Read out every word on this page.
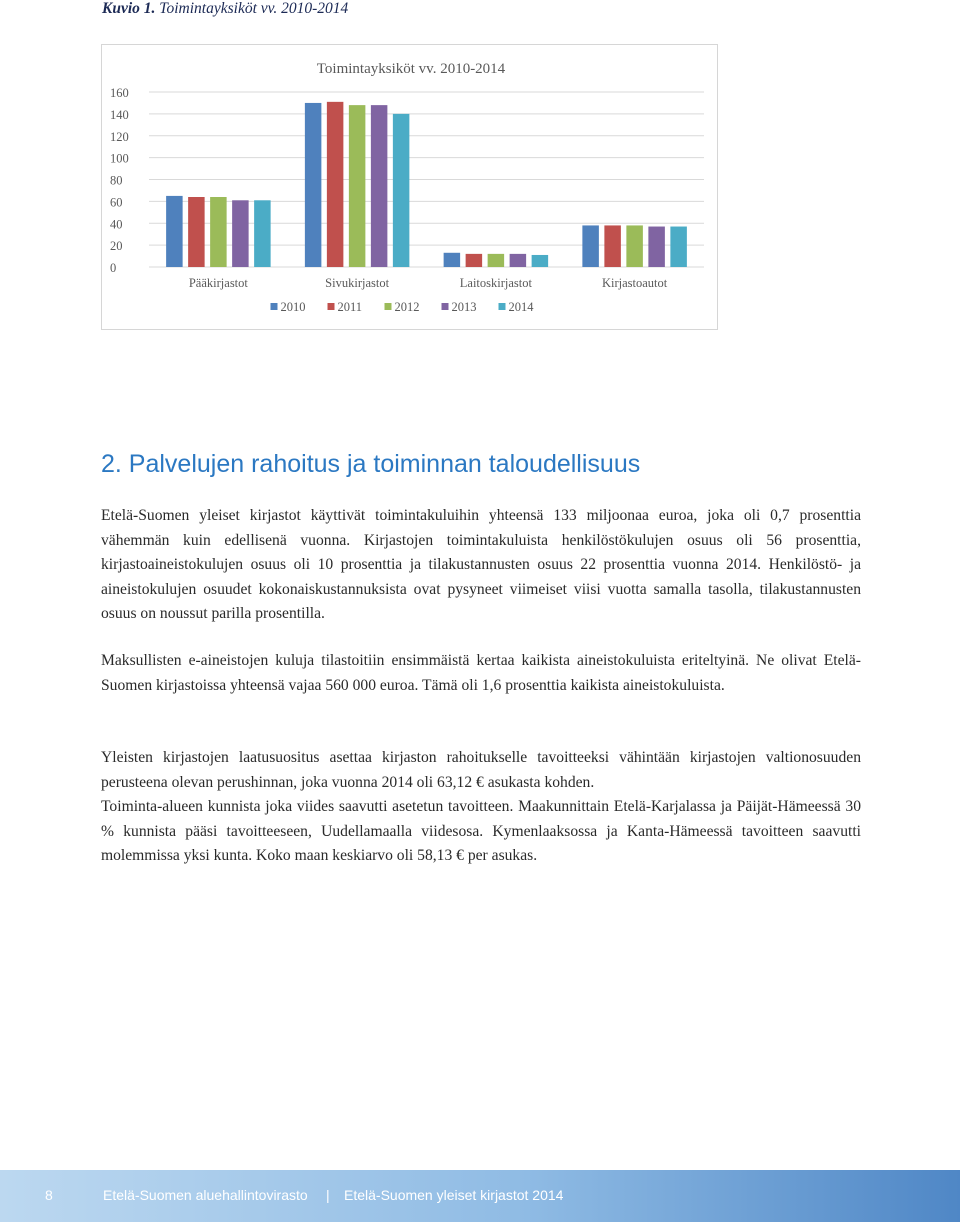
Kuvio 1. Toimintayksiköt vv. 2010-2014
Toimintayksiköt vv. 2010-2014
0
20
40
60
80
100
120
140
160
Pääkirjastot	Sivukirjastot	Laitoskirjastot	Kirjastoautot
2010	2011	2012	2013	2014
2. Palvelujen rahoitus ja toiminnan taloudellisuus

Etelä-Suomen yleiset kirjastot käyttivät toimintakuluihin yhteensä 133 miljoonaa euroa, joka oli 0,7 prosenttia vähemmän kuin edellisenä vuonna. Kirjastojen toimintakuluista henkilöstökulujen osuus oli 56 prosenttia, kirjastoaineistokulujen osuus oli 10 prosenttia ja tilakustannusten osuus 22 prosenttia vuonna 2014. Henkilöstö- ja aineistokulujen osuudet kokonaiskustannuksista ovat pysyneet viimeiset viisi vuotta samalla tasolla, tilakustannusten osuus on noussut parilla prosentilla.

Maksullisten e-aineistojen kuluja tilastoitiin ensimmäistä kertaa kaikista aineistokuluista eriteltyinä. Ne olivat Etelä-Suomen kirjastoissa yhteensä vajaa 560 000 euroa. Tämä oli 1,6 prosenttia kaikista aineistokuluista.

Yleisten kirjastojen laatusuositus asettaa kirjaston rahoitukselle tavoitteeksi vähintään kirjastojen valtionosuuden perusteena olevan perushinnan, joka vuonna 2014 oli 63,12 € asukasta kohden.

Toiminta-alueen kunnista joka viides saavutti asetetun tavoitteen. Maakunnittain Etelä-Karjalassa ja Päijät-Hämeessä 30 % kunnista pääsi tavoitteeseen, Uudellamaalla viidesosa. Kymenlaaksossa ja Kanta-Hämeessä tavoitteen saavutti molemmissa yksi kunta. Koko maan keskiarvo oli 58,13 € per asukas.

8	Etelä-Suomen aluehallintovirasto | Etelä-Suomen yleiset kirjastot 2014
